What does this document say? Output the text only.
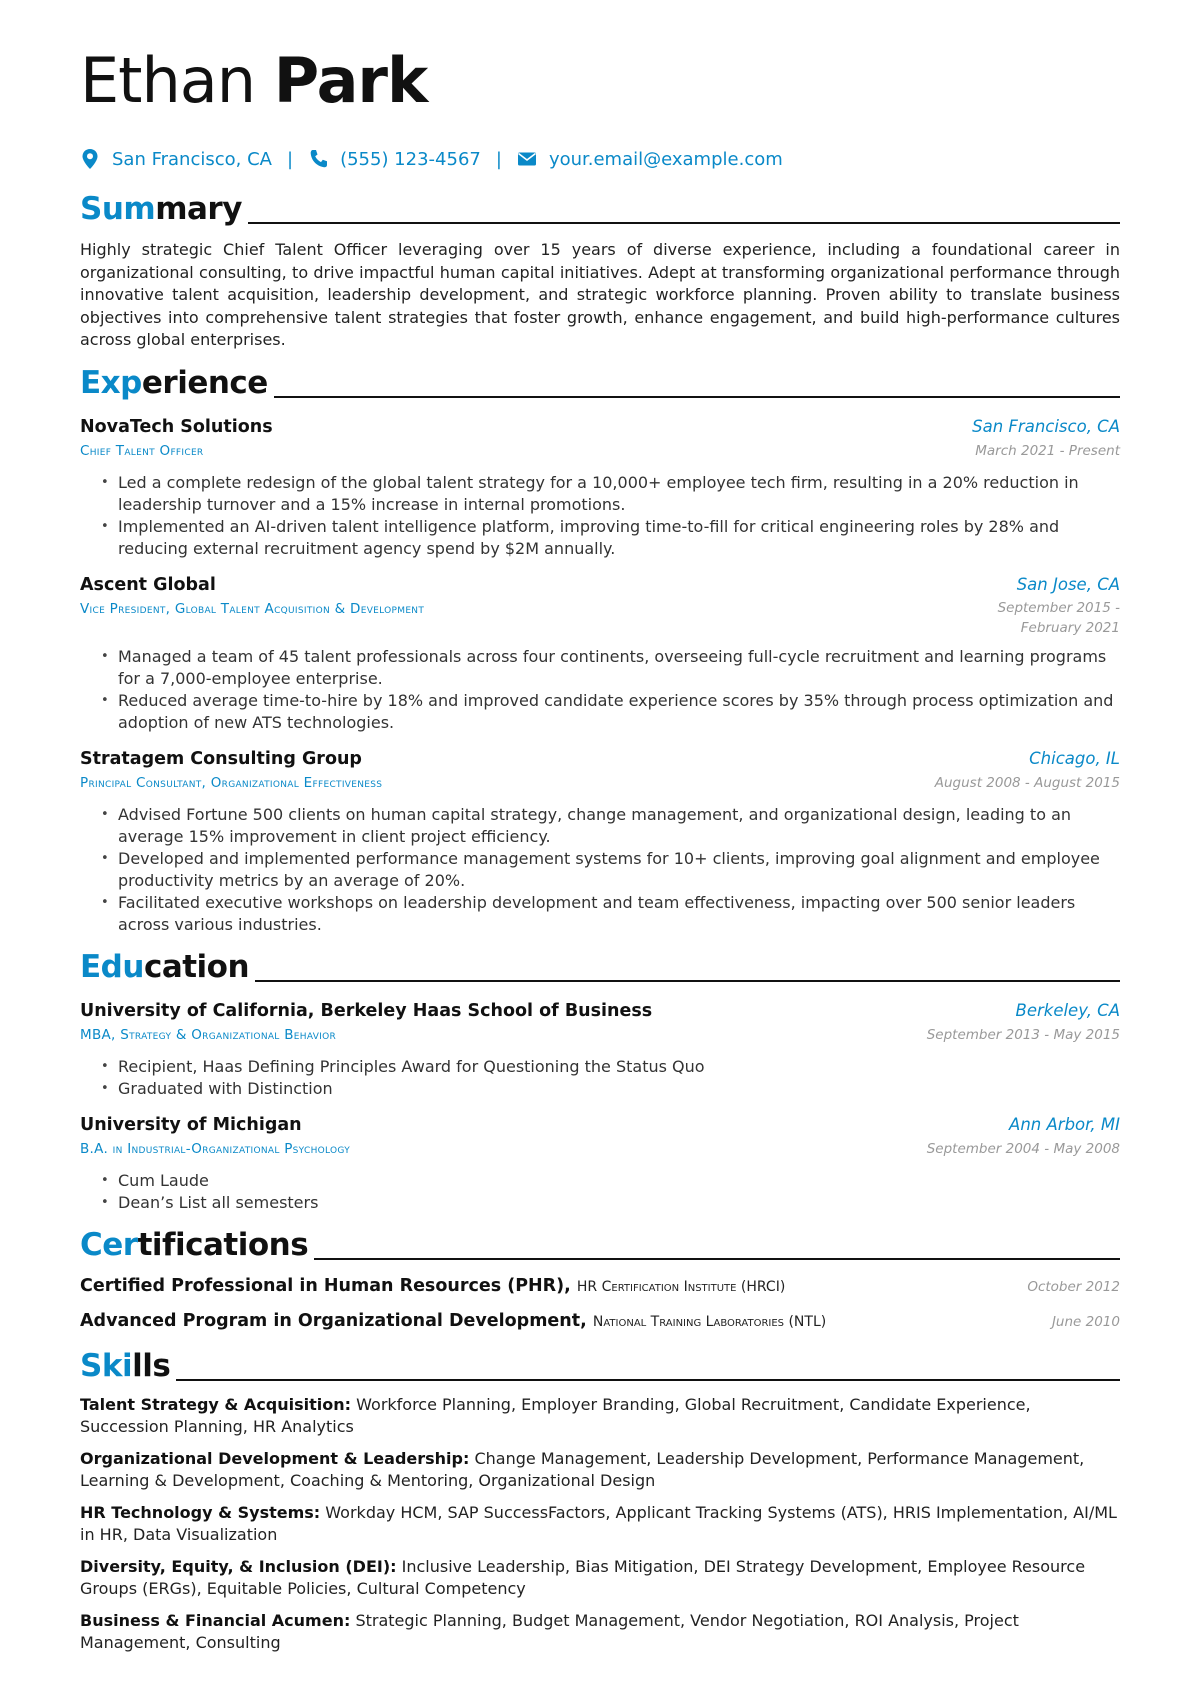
Ethan Park
San Francisco, CA |	(555) 123-4567 |	your.email@example.com
Summary
Highly strategic Chief Talent Officer leveraging over 15 years of diverse experience, including a foundational career in organizational consulting, to drive impactful human capital initiatives. Adept at transforming organizational performance through innovative talent acquisition, leadership development, and strategic workforce planning. Proven ability to translate business objectives into comprehensive talent strategies that foster growth, enhance engagement, and build high-performance cultures across global enterprises.
Experience
NovaTech Solutions	San Francisco, CA
Chief Talent Officer	March 2021 - Present
• Led a complete redesign of the global talent strategy for a 10,000+ employee tech firm, resulting in a 20% reduction in leadership turnover and a 15% increase in internal promotions.
• Implemented an AI-driven talent intelligence platform, improving time-to-fill for critical engineering roles by 28% and reducing external recruitment agency spend by $2M annually.
Ascent Global	San Jose, CA
Vice President, Global Talent Acquisition & Development	September 2015 - February 2021
• Managed a team of 45 talent professionals across four continents, overseeing full-cycle recruitment and learning programs for a 7,000-employee enterprise.
• Reduced average time-to-hire by 18% and improved candidate experience scores by 35% through process optimization and adoption of new ATS technologies.
Stratagem Consulting Group	Chicago, IL
Principal Consultant, Organizational Effectiveness	August 2008 - August 2015
• Advised Fortune 500 clients on human capital strategy, change management, and organizational design, leading to an average 15% improvement in client project efficiency.
• Developed and implemented performance management systems for 10+ clients, improving goal alignment and employee productivity metrics by an average of 20%.
• Facilitated executive workshops on leadership development and team effectiveness, impacting over 500 senior leaders across various industries.
Education
University of California, Berkeley Haas School of Business	Berkeley, CA
MBA, Strategy & Organizational Behavior	September 2013 - May 2015
• Recipient, Haas Defining Principles Award for Questioning the Status Quo
• Graduated with Distinction
University of Michigan	Ann Arbor, MI
B.A. in Industrial-Organizational Psychology	September 2004 - May 2008
• Cum Laude
• Dean’s List all semesters
Certifications
Certified Professional in Human Resources (PHR), HR Certification Institute (HRCI)	October 2012
Advanced Program in Organizational Development, National Training Laboratories (NTL)	June 2010
Skills
Talent Strategy & Acquisition: Workforce Planning, Employer Branding, Global Recruitment, Candidate Experience, Succession Planning, HR Analytics
Organizational Development & Leadership: Change Management, Leadership Development, Performance Management, Learning & Development, Coaching & Mentoring, Organizational Design
HR Technology & Systems: Workday HCM, SAP SuccessFactors, Applicant Tracking Systems (ATS), HRIS Implementation, AI/ML in HR, Data Visualization
Diversity, Equity, & Inclusion (DEI): Inclusive Leadership, Bias Mitigation, DEI Strategy Development, Employee Resource Groups (ERGs), Equitable Policies, Cultural Competency
Business & Financial Acumen: Strategic Planning, Budget Management, Vendor Negotiation, ROI Analysis, Project Management, Consulting
